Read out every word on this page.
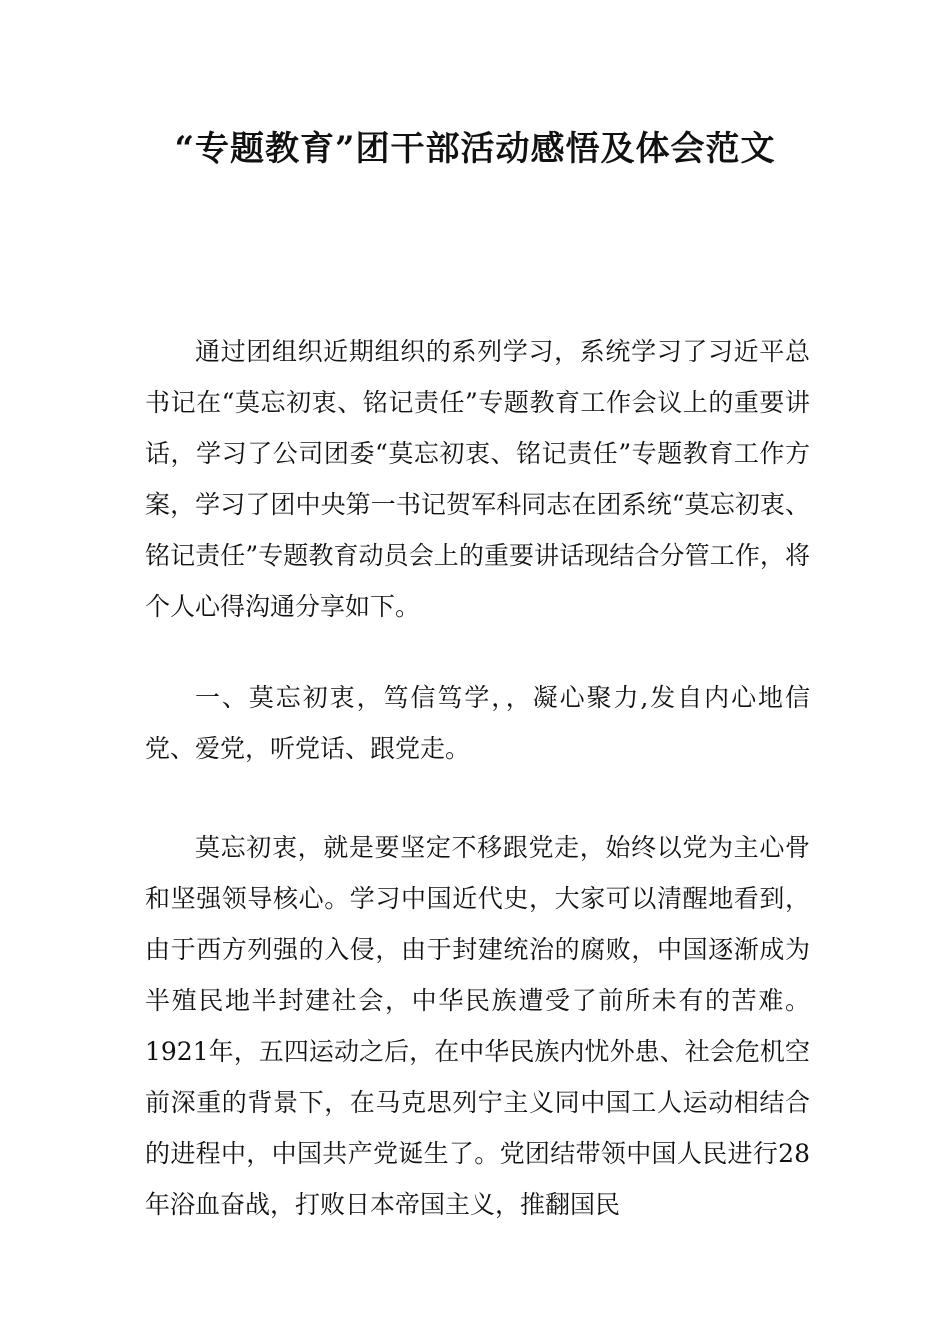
“专题教育”团干部活动感悟及体会范文

通过团组织近期组织的系列学习，系统学习了习近平总书记在“莫忘初衷、铭记责任”专题教育工作会议上的重要讲话，学习了公司团委“莫忘初衷、铭记责任”专题教育工作方案，学习了团中央第一书记贺军科同志在团系统“莫忘初衷、铭记责任”专题教育动员会上的重要讲话现结合分管工作，将个人心得沟通分享如下。

一、莫忘初衷，笃信笃学，，凝心聚力,发自内心地信党、爱党，听党话、跟党走。

莫忘初衷，就是要坚定不移跟党走，始终以党为主心骨和坚强领导核心。学习中国近代史，大家可以清醒地看到，由于西方列强的入侵，由于封建统治的腐败，中国逐渐成为半殖民地半封建社会，中华民族遭受了前所未有的苦难。1921年，五四运动之后，在中华民族内忧外患、社会危机空前深重的背景下，在马克思列宁主义同中国工人运动相结合的进程中，中国共产党诞生了。党团结带领中国人民进行28年浴血奋战，打败日本帝国主义，推翻国民
